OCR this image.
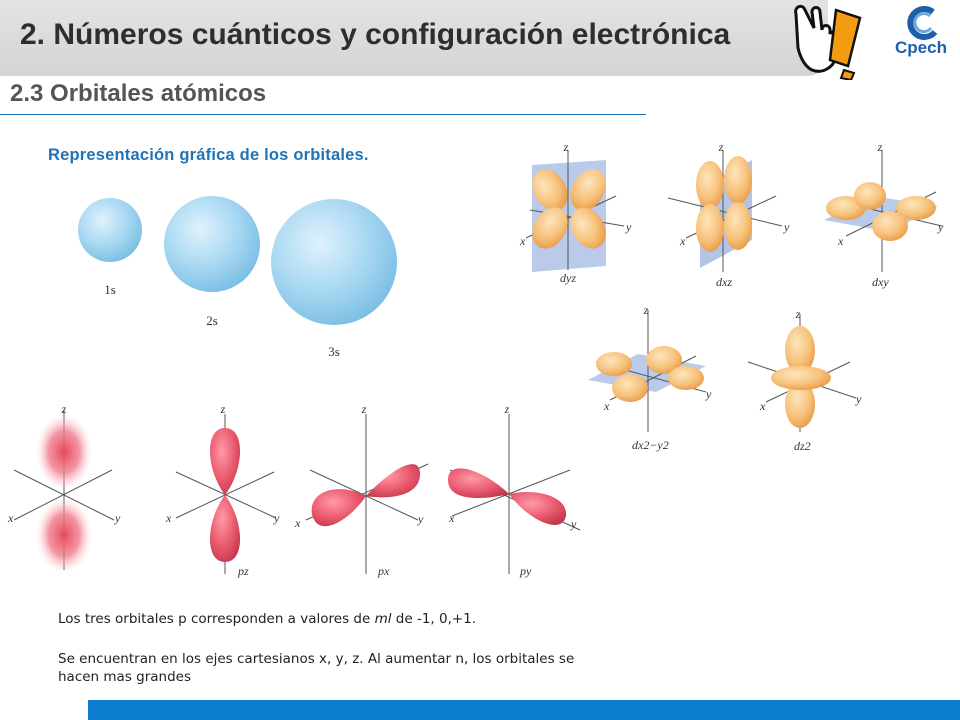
2. Números cuánticos y configuración electrónica	Cpech
2.3 Orbitales atómicos
Representación gráfica de los orbitales.
1s
2s
3s
z
x	y
z
x	y
pz
z
x	y
px
z
x	y
py
z
x
y
dyz
z
x
y
dxz
z
x
y
dxy
z
x
y
dx2−y2
z
x	y
dz2
Los tres orbitales p corresponden a valores de ml de -1, 0,+1.
Se encuentran en los ejes cartesianos x, y, z. Al aumentar n, los orbitales se hacen mas grandes
